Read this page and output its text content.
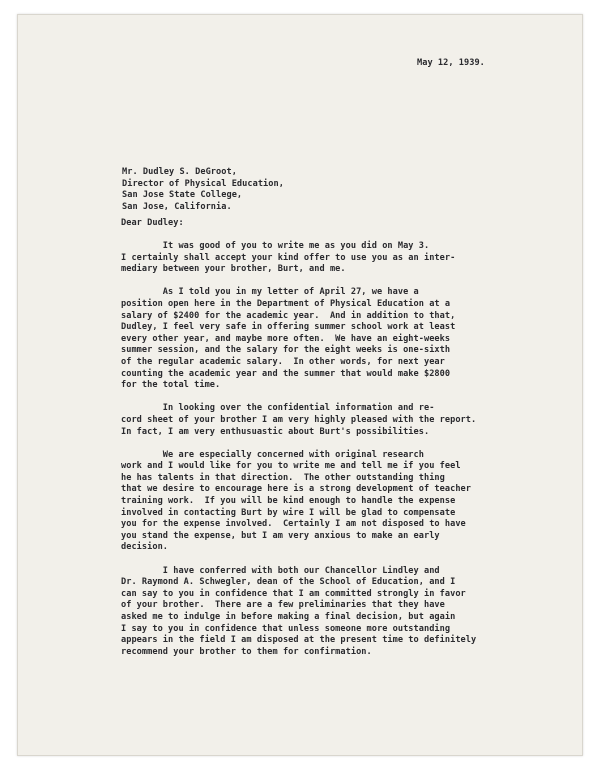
May 12, 1939.
Mr. Dudley S. DeGroot,
Director of Physical Education,
San Jose State College,
San Jose, California.
Dear Dudley:
It was good of you to write me as you did on May 3.
I certainly shall accept your kind offer to use you as an inter-
mediary between your brother, Burt, and me.
As I told you in my letter of April 27, we have a
position open here in the Department of Physical Education at a
salary of $2400 for the academic year.  And in addition to that,
Dudley, I feel very safe in offering summer school work at least
every other year, and maybe more often.  We have an eight-weeks
summer session, and the salary for the eight weeks is one-sixth
of the regular academic salary.  In other words, for next year
counting the academic year and the summer that would make $2800
for the total time.
In looking over the confidential information and re-
cord sheet of your brother I am very highly pleased with the report.
In fact, I am very enthusuastic about Burt's possibilities.
We are especially concerned with original research
work and I would like for you to write me and tell me if you feel
he has talents in that direction.  The other outstanding thing
that we desire to encourage here is a strong development of teacher
training work.  If you will be kind enough to handle the expense
involved in contacting Burt by wire I will be glad to compensate
you for the expense involved.  Certainly I am not disposed to have
you stand the expense, but I am very anxious to make an early
decision.
I have conferred with both our Chancellor Lindley and
Dr. Raymond A. Schwegler, dean of the School of Education, and I
can say to you in confidence that I am committed strongly in favor
of your brother.  There are a few preliminaries that they have
asked me to indulge in before making a final decision, but again
I say to you in confidence that unless someone more outstanding
appears in the field I am disposed at the present time to definitely
recommend your brother to them for confirmation.
